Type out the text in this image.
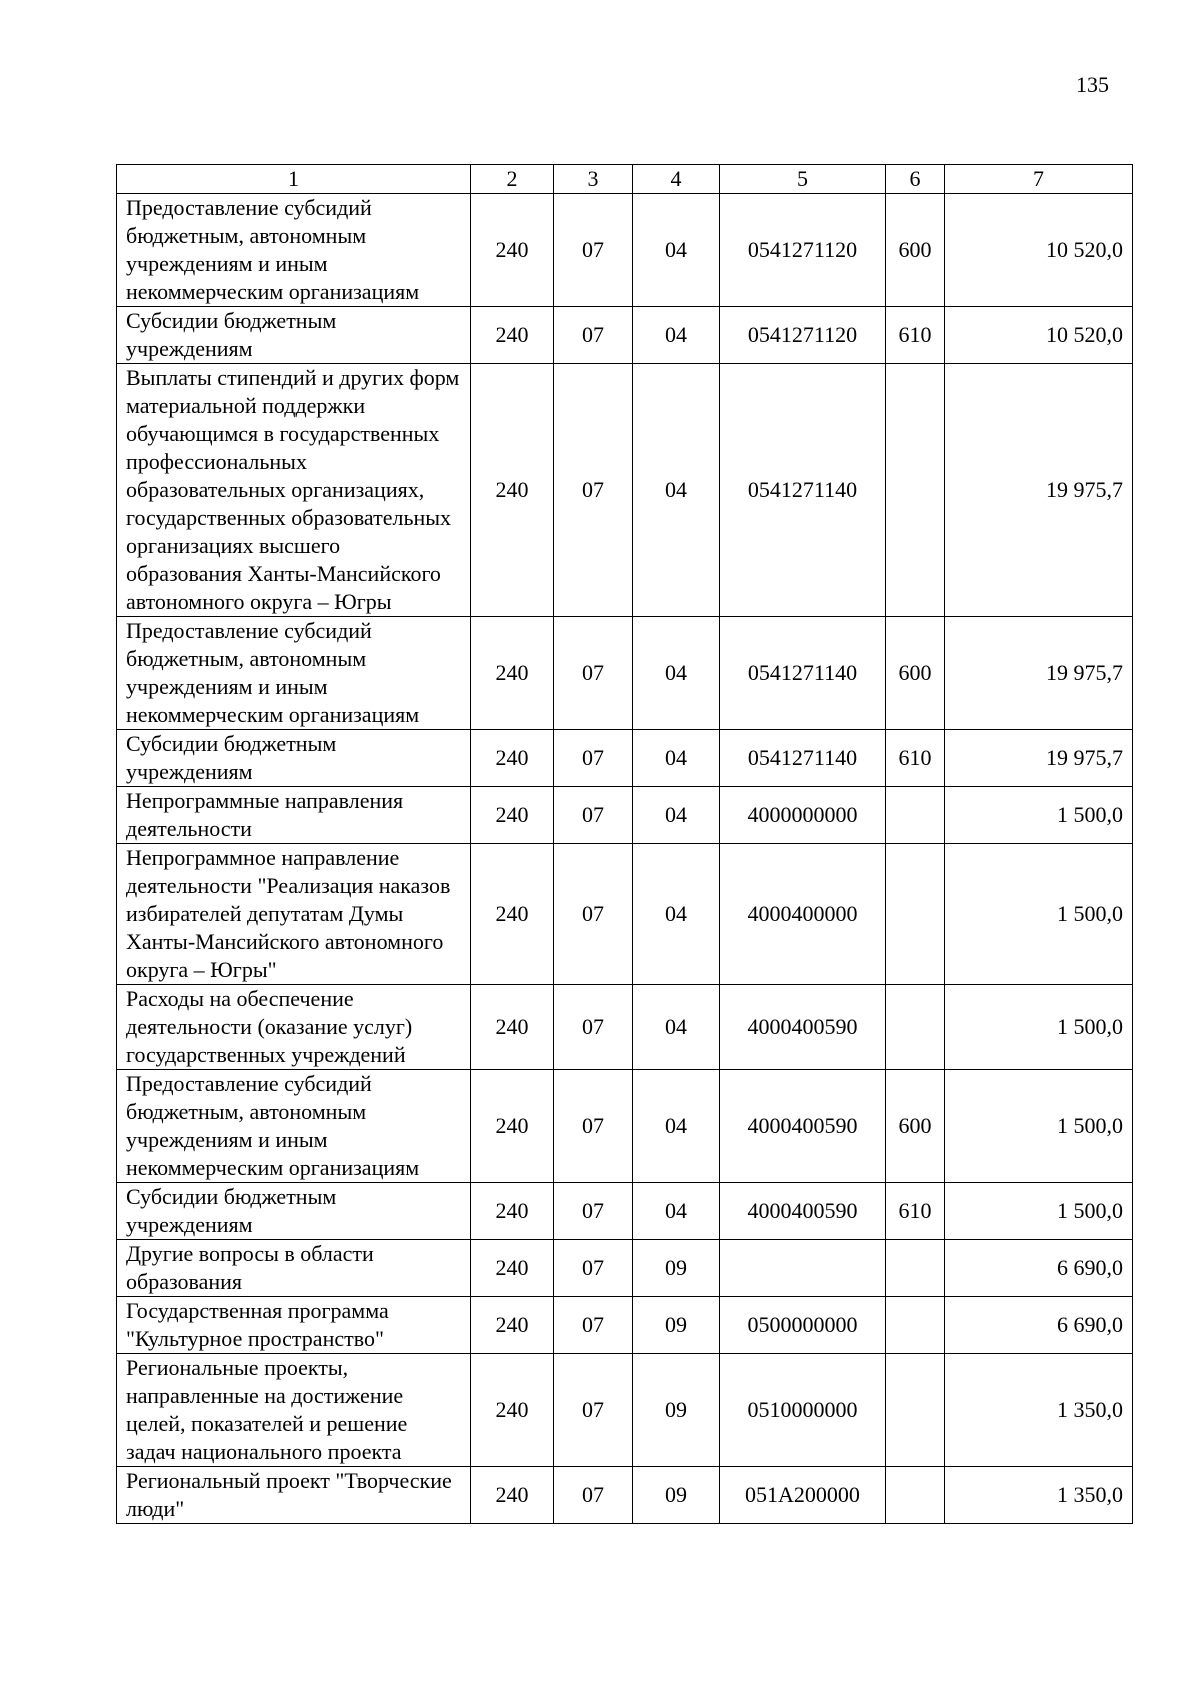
135
1	2	3	4	5	6	7
Предоставление субсидий бюджетным, автономным учреждениям и иным некоммерческим организациям	240	07	04	0541271120	600	10 520,0
Субсидии бюджетным учреждениям	240	07	04	0541271120	610	10 520,0
Выплаты стипендий и других форм материальной поддержки обучающимся в государственных профессиональных образовательных организациях, государственных образовательных организациях высшего образования Ханты-Мансийского автономного округа – Югры	240	07	04	0541271140		19 975,7
Предоставление субсидий бюджетным, автономным учреждениям и иным некоммерческим организациям	240	07	04	0541271140	600	19 975,7
Субсидии бюджетным учреждениям	240	07	04	0541271140	610	19 975,7
Непрограммные направления деятельности	240	07	04	4000000000		1 500,0
Непрограммное направление деятельности "Реализация наказов избирателей депутатам Думы Ханты-Мансийского автономного округа – Югры"	240	07	04	4000400000		1 500,0
Расходы на обеспечение деятельности (оказание услуг) государственных учреждений	240	07	04	4000400590		1 500,0
Предоставление субсидий бюджетным, автономным учреждениям и иным некоммерческим организациям	240	07	04	4000400590	600	1 500,0
Субсидии бюджетным учреждениям	240	07	04	4000400590	610	1 500,0
Другие вопросы в области образования	240	07	09			6 690,0
Государственная программа "Культурное пространство"	240	07	09	0500000000		6 690,0
Региональные проекты, направленные на достижение целей, показателей и решение задач национального проекта	240	07	09	0510000000		1 350,0
Региональный проект "Творческие люди"	240	07	09	051А200000		1 350,0
